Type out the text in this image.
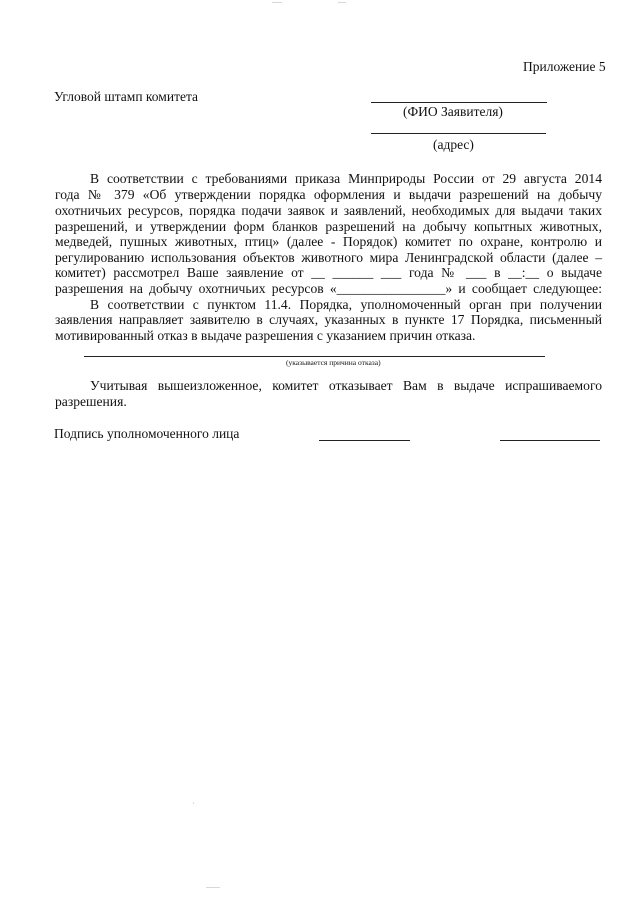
Приложение 5
Угловой штамп комитета
(ФИО Заявителя)
(адрес)
В соответствии с требованиями приказа Минприроды России от 29 августа 2014
года № 379 «Об утверждении порядка оформления и выдачи разрешений на добычу
охотничьих ресурсов, порядка подачи заявок и заявлений, необходимых для выдачи таких
разрешений, и утверждении форм бланков разрешений на добычу копытных животных,
медведей, пушных животных, птиц» (далее - Порядок) комитет по охране, контролю и
регулированию использования объектов животного мира Ленинградской области (далее –
комитет) рассмотрел Ваше заявление от __ ______ ___ года № ___ в __:__ о выдаче
разрешения на добычу охотничьих ресурсов «________________» и сообщает следующее:
В соответствии с пунктом 11.4. Порядка, уполномоченный орган при получении
заявления направляет заявителю в случаях, указанных в пункте 17 Порядка, письменный
мотивированный отказ в выдаче разрешения с указанием причин отказа.
(указывается причина отказа)
Учитывая вышеизложенное, комитет отказывает Вам в выдаче испрашиваемого
разрешения.
Подпись уполномоченного лица
